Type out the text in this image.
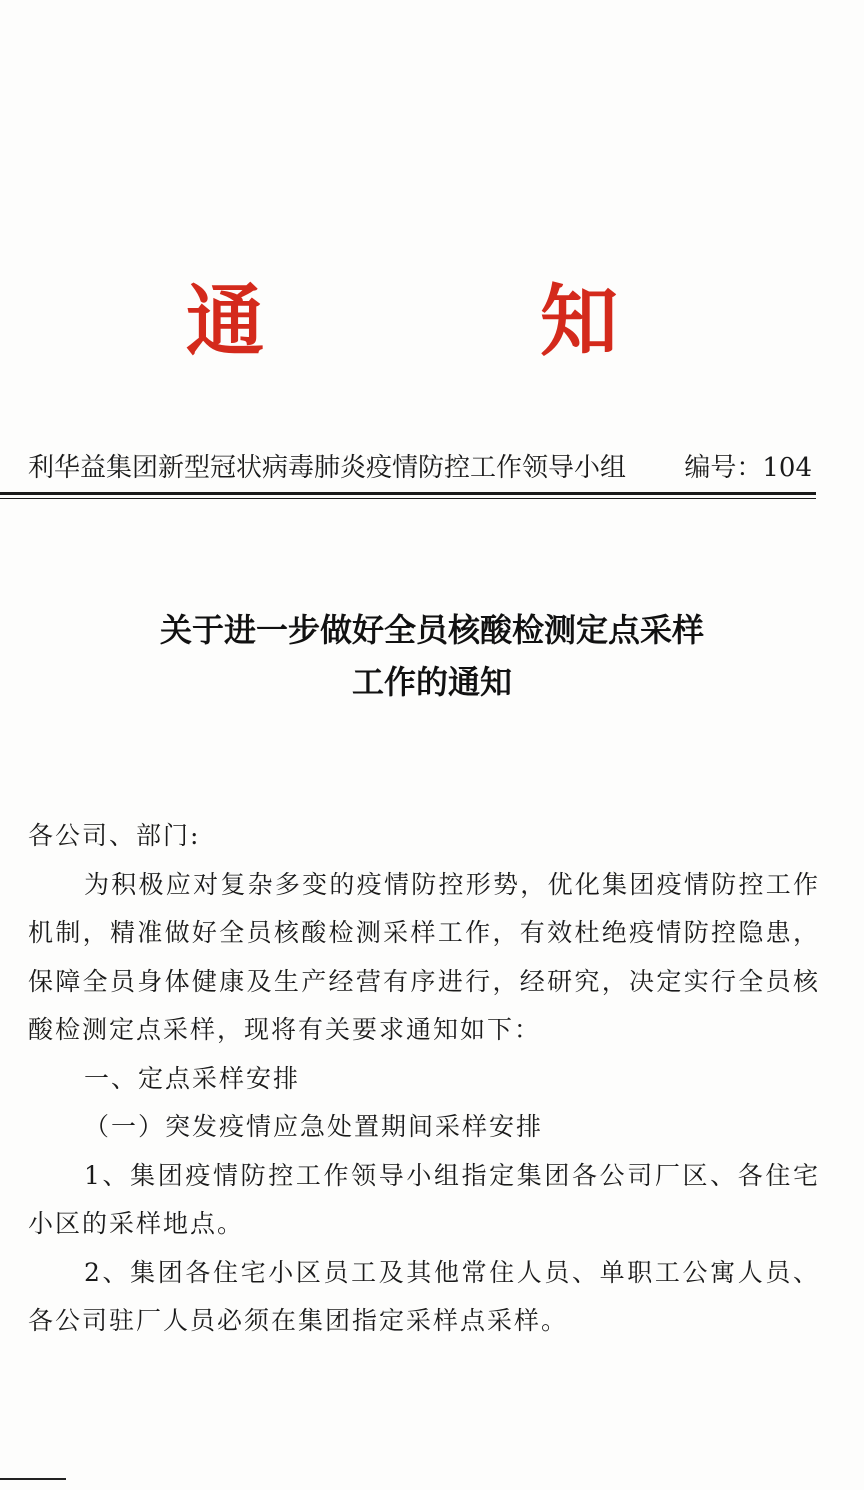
通	知
利华益集团新型冠状病毒肺炎疫情防控工作领导小组 编号：104
关于进一步做好全员核酸检测定点采样
工作的通知

各公司、部门:

为积极应对复杂多变的疫情防控形势，优化集团疫情防控工作机制，精准做好全员核酸检测采样工作，有效杜绝疫情防控隐患，保障全员身体健康及生产经营有序进行，经研究，决定实行全员核酸检测定点采样，现将有关要求通知如下：

一、定点采样安排

（一）突发疫情应急处置期间采样安排

1、集团疫情防控工作领导小组指定集团各公司厂区、各住宅小区的采样地点。

2、集团各住宅小区员工及其他常住人员、单职工公寓人员、各公司驻厂人员必须在集团指定采样点采样。
